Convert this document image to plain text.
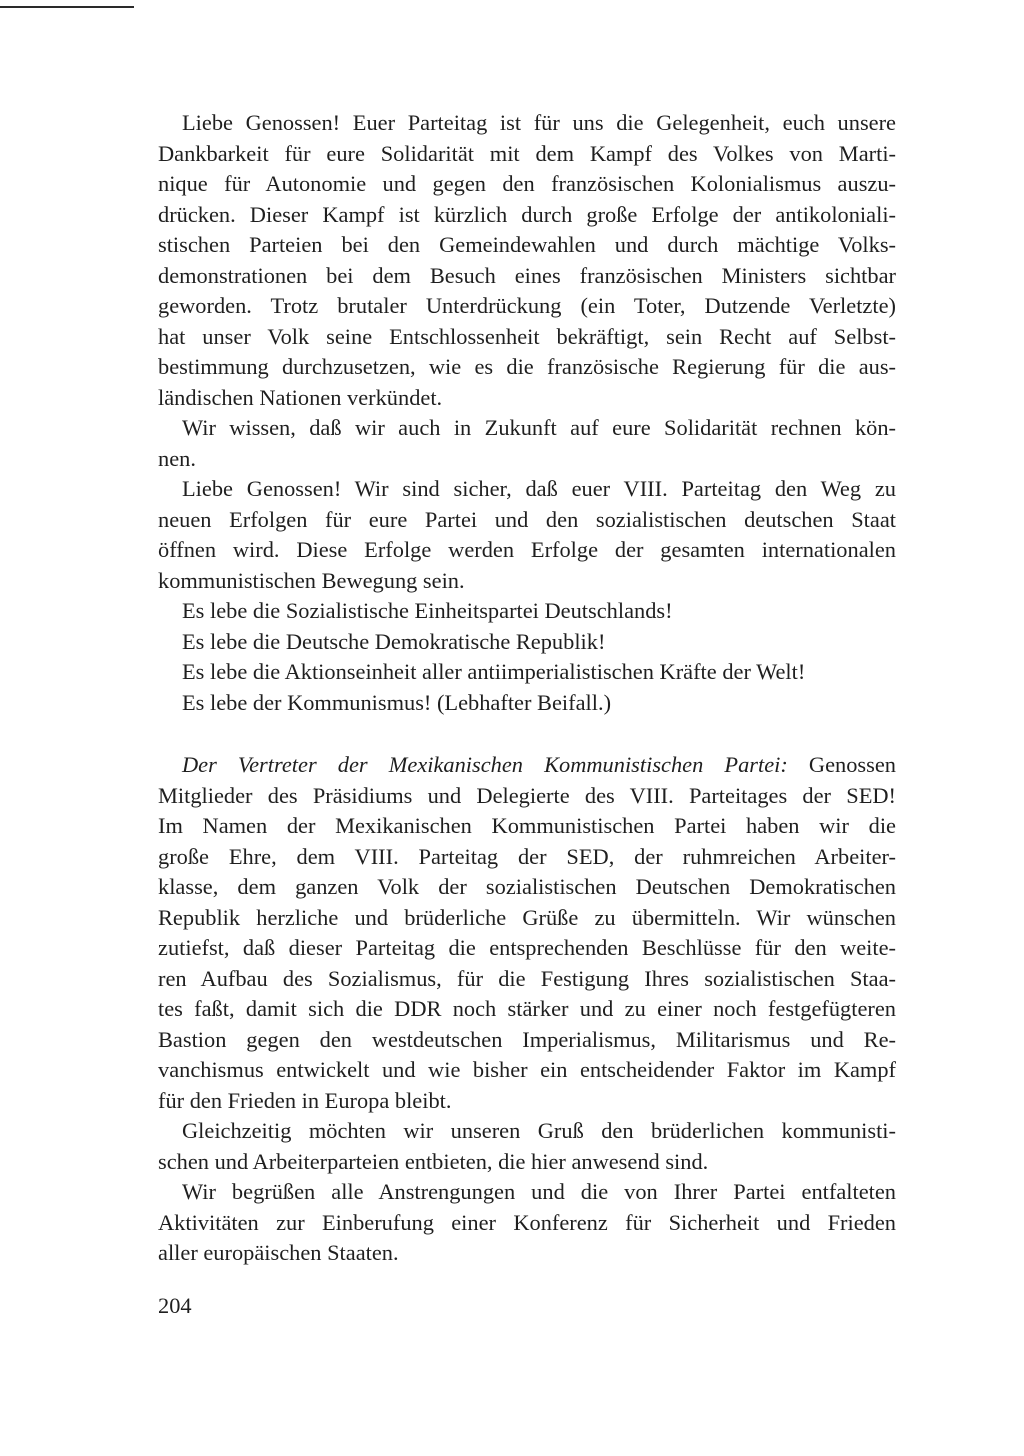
Liebe Genossen! Euer Parteitag ist für uns die Gelegenheit, euch unsere
Dankbarkeit für eure Solidarität mit dem Kampf des Volkes von Marti-
nique für Autonomie und gegen den französischen Kolonialismus auszu-
drücken. Dieser Kampf ist kürzlich durch große Erfolge der antikoloniali-
stischen Parteien bei den Gemeindewahlen und durch mächtige Volks-
demonstrationen bei dem Besuch eines französischen Ministers sichtbar
geworden. Trotz brutaler Unterdrückung (ein Toter, Dutzende Verletzte)
hat unser Volk seine Entschlossenheit bekräftigt, sein Recht auf Selbst-
bestimmung durchzusetzen, wie es die französische Regierung für die aus-
ländischen Nationen verkündet.
Wir wissen, daß wir auch in Zukunft auf eure Solidarität rechnen kön-
nen.
Liebe Genossen! Wir sind sicher, daß euer VIII. Parteitag den Weg zu
neuen Erfolgen für eure Partei und den sozialistischen deutschen Staat
öffnen wird. Diese Erfolge werden Erfolge der gesamten internationalen
kommunistischen Bewegung sein.
Es lebe die Sozialistische Einheitspartei Deutschlands!
Es lebe die Deutsche Demokratische Republik!
Es lebe die Aktionseinheit aller antiimperialistischen Kräfte der Welt!
Es lebe der Kommunismus! (Lebhafter Beifall.)
Der Vertreter der Mexikanischen Kommunistischen Partei: Genossen
Mitglieder des Präsidiums und Delegierte des VIII. Parteitages der SED!
Im Namen der Mexikanischen Kommunistischen Partei haben wir die
große Ehre, dem VIII. Parteitag der SED, der ruhmreichen Arbeiter-
klasse, dem ganzen Volk der sozialistischen Deutschen Demokratischen
Republik herzliche und brüderliche Grüße zu übermitteln. Wir wünschen
zutiefst, daß dieser Parteitag die entsprechenden Beschlüsse für den weite-
ren Aufbau des Sozialismus, für die Festigung Ihres sozialistischen Staa-
tes faßt, damit sich die DDR noch stärker und zu einer noch festgefügteren
Bastion gegen den westdeutschen Imperialismus, Militarismus und Re-
vanchismus entwickelt und wie bisher ein entscheidender Faktor im Kampf
für den Frieden in Europa bleibt.
Gleichzeitig möchten wir unseren Gruß den brüderlichen kommunisti-
schen und Arbeiterparteien entbieten, die hier anwesend sind.
Wir begrüßen alle Anstrengungen und die von Ihrer Partei entfalteten
Aktivitäten zur Einberufung einer Konferenz für Sicherheit und Frieden
aller europäischen Staaten.
204
